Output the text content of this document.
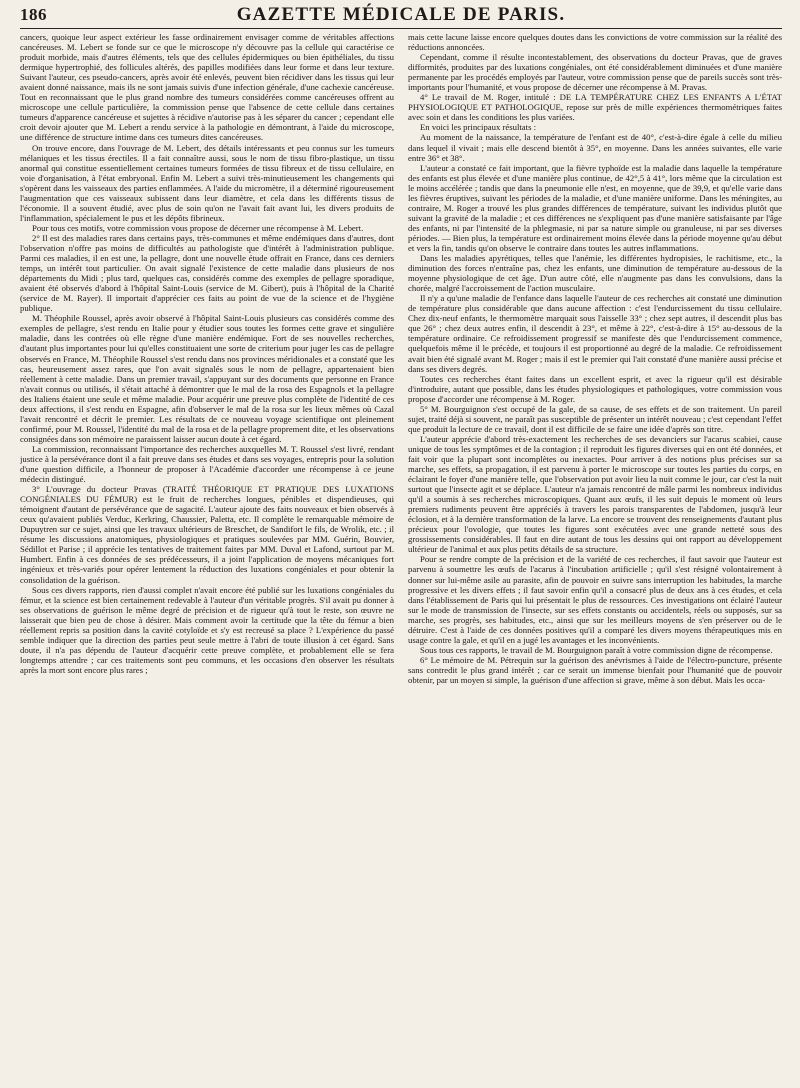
186	GAZETTE MÉDICALE DE PARIS.

cancers, quoique leur aspect extérieur les fasse ordinairement envisager comme de véritables affections cancéreuses. M. Lebert se fonde sur ce que le microscope n'y découvre pas la cellule qui caractérise ce produit morbide, mais d'autres éléments, tels que des cellules épidermiques ou bien épithéliales, du tissu dermique hypertrophié, des follicules altérés, des papilles modifiées dans leur forme et dans leur texture. Suivant l'auteur, ces pseudo-cancers, après avoir été enlevés, peuvent bien récidiver dans les tissus qui leur avaient donné naissance, mais ils ne sont jamais suivis d'une infection générale, d'une cachexie cancéreuse. Tout en reconnaissant que le plus grand nombre des tumeurs considérées comme cancéreuses offrent au microscope une cellule particulière, la commission pense que l'absence de cette cellule dans certaines tumeurs d'apparence cancéreuse et sujettes à récidive n'autorise pas à les séparer du cancer ; cependant elle croit devoir ajouter que M. Lebert a rendu service à la pathologie en démontrant, à l'aide du microscope, une différence de structure intime dans ces tumeurs dites cancéreuses.

On trouve encore, dans l'ouvrage de M. Lebert, des détails intéressants et peu connus sur les tumeurs mélaniques et les tissus érectiles. Il a fait connaître aussi, sous le nom de tissu fibro-plastique, un tissu anormal qui constitue essentiellement certaines tumeurs formées de tissu fibreux et de tissu cellulaire, en voie d'organisation, à l'état embryonal. Enfin M. Lebert a suivi très-minutieusement les changements qui s'opèrent dans les vaisseaux des parties enflammées. A l'aide du micromètre, il a déterminé rigoureusement l'augmentation que ces vaisseaux subissent dans leur diamètre, et cela dans les différents tissus de l'économie. Il a souvent étudié, avec plus de soin qu'on ne l'avait fait avant lui, les divers produits de l'inflammation, spécialement le pus et les dépôts fibrineux.

Pour tous ces motifs, votre commission vous propose de décerner une récompense à M. Lebert.

2° Il est des maladies rares dans certains pays, très-communes et même endémiques dans d'autres, dont l'observation n'offre pas moins de difficultés au pathologiste que d'intérêt à l'administration publique. Parmi ces maladies, il en est une, la pellagre, dont une nouvelle étude offrait en France, dans ces derniers temps, un intérêt tout particulier. On avait signalé l'existence de cette maladie dans plusieurs de nos départements du Midi ; plus tard, quelques cas, considérés comme des exemples de pellagre sporadique, avaient été observés d'abord à l'hôpital Saint-Louis (service de M. Gibert), puis à l'hôpital de la Charité (service de M. Rayer). Il importait d'apprécier ces faits au point de vue de la science et de l'hygiène publique.

M. Théophile Roussel, après avoir observé à l'hôpital Saint-Louis plusieurs cas considérés comme des exemples de pellagre, s'est rendu en Italie pour y étudier sous toutes les formes cette grave et singulière maladie, dans les contrées où elle règne d'une manière endémique. Fort de ses nouvelles recherches, d'autant plus importantes pour lui qu'elles constituaient une sorte de criterium pour juger les cas de pellagre observés en France, M. Théophile Roussel s'est rendu dans nos provinces méridionales et a constaté que les cas, heureusement assez rares, que l'on avait signalés sous le nom de pellagre, appartenaient bien réellement à cette maladie. Dans un premier travail, s'appuyant sur des documents que personne en France n'avait connus ou utilisés, il s'était attaché à démontrer que le mal de la rosa des Espagnols et la pellagre des Italiens étaient une seule et même maladie. Pour acquérir une preuve plus complète de l'identité de ces deux affections, il s'est rendu en Espagne, afin d'observer le mal de la rosa sur les lieux mêmes où Cazal l'avait rencontré et décrit le premier. Les résultats de ce nouveau voyage scientifique ont pleinement confirmé, pour M. Roussel, l'identité du mal de la rosa et de la pellagre proprement dite, et les observations consignées dans son mémoire ne paraissent laisser aucun doute à cet égard.

La commission, reconnaissant l'importance des recherches auxquelles M. T. Roussel s'est livré, rendant justice à la persévérance dont il a fait preuve dans ses études et dans ses voyages, entrepris pour la solution d'une question difficile, a l'honneur de proposer à l'Académie d'accorder une récompense à ce jeune médecin distingué.

3° L'ouvrage du docteur Pravas (TRAITÉ THÉORIQUE ET PRATIQUE DES LUXATIONS CONGÉNIALES DU FÉMUR) est le fruit de recherches longues, pénibles et dispendieuses, qui témoignent d'autant de persévérance que de sagacité. L'auteur ajoute des faits nouveaux et bien observés à ceux qu'avaient publiés Verduc, Kerkring, Chaussier, Paletta, etc. Il complète le remarquable mémoire de Dupuytren sur ce sujet, ainsi que les travaux ultérieurs de Breschet, de Sandifort le fils, de Wrolik, etc. ; il résume les discussions anatomiques, physiologiques et pratiques soulevées par MM. Guérin, Bouvier, Sédillot et Parise ; il apprécie les tentatives de traitement faites par MM. Duval et Lafond, surtout par M. Humbert. Enfin à ces données de ses prédécesseurs, il a joint l'application de moyens mécaniques fort ingénieux et très-variés pour opérer lentement la réduction des luxations congéniales et pour obtenir la consolidation de la guérison.

Sous ces divers rapports, rien d'aussi complet n'avait encore été publié sur les luxations congéniales du fémur, et la science est bien certainement redevable à l'auteur d'un véritable progrès. S'il avait pu donner à ses observations de guérison le même degré de précision et de rigueur qu'à tout le reste, son œuvre ne laisserait que bien peu de chose à désirer. Mais comment avoir la certitude que la tête du fémur a bien réellement repris sa position dans la cavité cotyloïde et s'y est recreusé sa place ? L'expérience du passé semble indiquer que la direction des parties peut seule mettre à l'abri de toute illusion à cet égard. Sans doute, il n'a pas dépendu de l'auteur d'acquérir cette preuve complète, et probablement elle se fera longtemps attendre ; car ces traitements sont peu communs, et les occasions d'en observer les résultats après la mort sont encore plus rares ;

mais cette lacune laisse encore quelques doutes dans les convictions de votre commission sur la réalité des réductions annoncées.

Cependant, comme il résulte incontestablement, des observations du docteur Pravas, que de graves difformités, produites par des luxations congéniales, ont été considérablement diminuées et d'une manière permanente par les procédés employés par l'auteur, votre commission pense que de pareils succès sont très-importants pour l'humanité, et vous propose de décerner une récompense à M. Pravas.

4° Le travail de M. Roger, intitulé : DE LA TEMPÉRATURE CHEZ LES ENFANTS A L'ÉTAT PHYSIOLOGIQUE ET PATHOLOGIQUE, repose sur près de mille expériences thermométriques faites avec soin et dans les conditions les plus variées.

En voici les principaux résultats :

Au moment de la naissance, la température de l'enfant est de 40°, c'est-à-dire égale à celle du milieu dans lequel il vivait ; mais elle descend bientôt à 35°, en moyenne. Dans les années suivantes, elle varie entre 36° et 38°.

L'auteur a constaté ce fait important, que la fièvre typhoïde est la maladie dans laquelle la température des enfants est plus élevée et d'une manière plus continue, de 42°,5 à 41°, lors même que la circulation est le moins accélérée ; tandis que dans la pneumonie elle n'est, en moyenne, que de 39,9, et qu'elle varie dans les fièvres éruptives, suivant les périodes de la maladie, et d'une manière uniforme. Dans les méningites, au contraire, M. Roger a trouvé les plus grandes différences de température, suivant les individus plutôt que suivant la gravité de la maladie ; et ces différences ne s'expliquent pas d'une manière satisfaisante par l'âge des enfants, ni par l'intensité de la phlegmasie, ni par sa nature simple ou granuleuse, ni par ses diverses périodes. — Bien plus, la température est ordinairement moins élevée dans la période moyenne qu'au début et vers la fin, tandis qu'on observe le contraire dans toutes les autres inflammations.

Dans les maladies apyrétiques, telles que l'anémie, les différentes hydropisies, le rachitisme, etc., la diminution des forces n'entraîne pas, chez les enfants, une diminution de température au-dessous de la moyenne physiologique de cet âge. D'un autre côté, elle n'augmente pas dans les convulsions, dans la chorée, malgré l'accroissement de l'action musculaire.

Il n'y a qu'une maladie de l'enfance dans laquelle l'auteur de ces recherches ait constaté une diminution de température plus considérable que dans aucune affection : c'est l'endurcissement du tissu cellulaire. Chez dix-neuf enfants, le thermomètre marquait sous l'aisselle 33° ; chez sept autres, il descendit plus bas que 26° ; chez deux autres enfin, il descendit à 23°, et même à 22°, c'est-à-dire à 15° au-dessous de la température ordinaire. Ce refroidissement progressif se manifeste dès que l'endurcissement commence, quelquefois même il le précède, et toujours il est proportionné au degré de la maladie. Ce refroidissement avait bien été signalé avant M. Roger ; mais il est le premier qui l'ait constaté d'une manière aussi précise et dans ses divers degrés.

Toutes ces recherches étant faites dans un excellent esprit, et avec la rigueur qu'il est désirable d'introduire, autant que possible, dans les études physiologiques et pathologiques, votre commission vous propose d'accorder une récompense à M. Roger.

5° M. Bourguignon s'est occupé de la gale, de sa cause, de ses effets et de son traitement. Un pareil sujet, traité déjà si souvent, ne paraît pas susceptible de présenter un intérêt nouveau ; c'est cependant l'effet que produit la lecture de ce travail, dont il est difficile de se faire une idée d'après son titre.

L'auteur apprécie d'abord très-exactement les recherches de ses devanciers sur l'acarus scabiei, cause unique de tous les symptômes et de la contagion ; il reproduit les figures diverses qui en ont été données, et fait voir que la plupart sont incomplètes ou inexactes. Pour arriver à des notions plus précises sur sa marche, ses effets, sa propagation, il est parvenu à porter le microscope sur toutes les parties du corps, en éclairant le foyer d'une manière telle, que l'observation put avoir lieu la nuit comme le jour, car c'est la nuit surtout que l'insecte agit et se déplace. L'auteur n'a jamais rencontré de mâle parmi les nombreux individus qu'il a soumis à ses recherches microscopiques. Quant aux œufs, il les suit depuis le moment où leurs premiers rudiments peuvent être appréciés à travers les parois transparentes de l'abdomen, jusqu'à leur éclosion, et à la dernière transformation de la larve. La encore se trouvent des renseignements d'autant plus précieux pour l'ovologie, que toutes les figures sont exécutées avec une grande netteté sous des grossissements considérables. Il faut en dire autant de tous les dessins qui ont rapport au développement ultérieur de l'animal et aux plus petits détails de sa structure.

Pour se rendre compte de la précision et de la variété de ces recherches, il faut savoir que l'auteur est parvenu à soumettre les œufs de l'acarus à l'incubation artificielle ; qu'il s'est résigné volontairement à donner sur lui-même asile au parasite, afin de pouvoir en suivre sans interruption les habitudes, la marche progressive et les divers effets ; il faut savoir enfin qu'il a consacré plus de deux ans à ces études, et cela dans l'établissement de Paris qui lui présentait le plus de ressources. Ces investigations ont éclairé l'auteur sur le mode de transmission de l'insecte, sur ses effets constants ou accidentels, réels ou supposés, sur sa marche, ses progrès, ses habitudes, etc., ainsi que sur les meilleurs moyens de s'en préserver ou de le détruire. C'est à l'aide de ces données positives qu'il a comparé les divers moyens thérapeutiques mis en usage contre la gale, et qu'il en a jugé les avantages et les inconvénients.

Sous tous ces rapports, le travail de M. Bourguignon paraît à votre commission digne de récompense.

6° Le mémoire de M. Pétrequin sur la guérison des anévrismes à l'aide de l'électro-puncture, présente sans contredit le plus grand intérêt ; car ce serait un immense bienfait pour l'humanité que de pouvoir obtenir, par un moyen si simple, la guérison d'une affection si grave, même à son début. Mais les occa-
